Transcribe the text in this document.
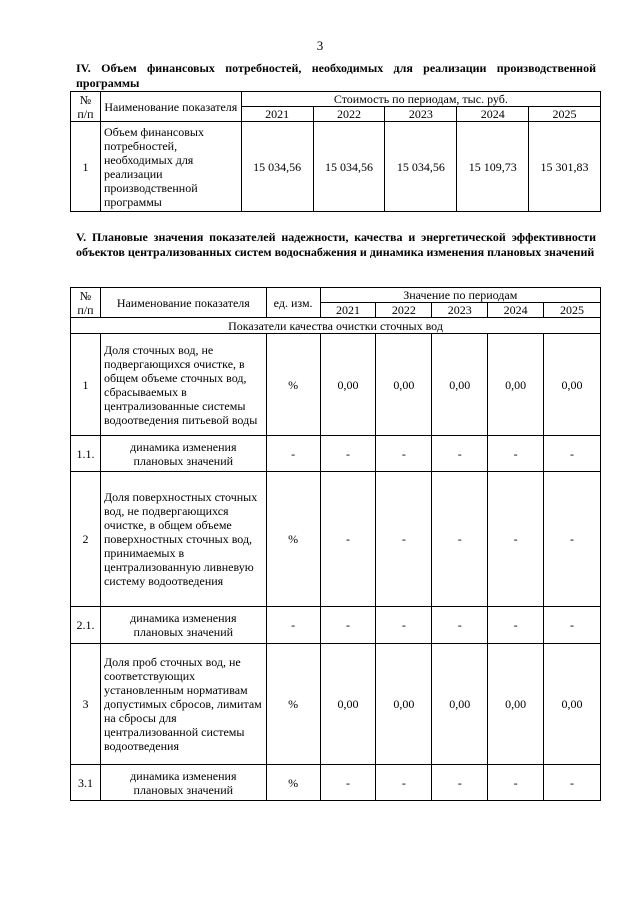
3
IV. Объем финансовых потребностей, необходимых для реализации производственной программы
№ п/п	Наименование показателя	Стоимость по периодам, тыс. руб.				
		2021	2022	2023	2024	2025
1	Объем финансовых потребностей, необходимых для реализации производственной программы	15 034,56	15 034,56	15 034,56	15 109,73	15 301,83
V. Плановые значения показателей надежности, качества и энергетической эффективности объектов централизованных систем водоснабжения и динамика изменения плановых значений
№ п/п	Наименование показателя	ед. изм.	Значение по периодам				
			2021	2022	2023	2024	2025
Показатели качества очистки сточных вод							
1	Доля сточных вод, не подвергающихся очистке, в общем объеме сточных вод, сбрасываемых в централизованные системы водоотведения питьевой воды	%	0,00	0,00	0,00	0,00	0,00
1.1.	динамика изменения плановых значений	-	-	-	-	-	-
2	Доля поверхностных сточных вод, не подвергающихся очистке, в общем объеме поверхностных сточных вод, принимаемых в централизованную ливневую систему водоотведения	%	-	-	-	-	-
2.1.	динамика изменения плановых значений	-	-	-	-	-	-
3	Доля проб сточных вод, не соответствующих установленным нормативам допустимых сбросов, лимитам на сбросы для централизованной системы водоотведения	%	0,00	0,00	0,00	0,00	0,00
3.1	динамика изменения плановых значений	%	-	-	-	-	-
